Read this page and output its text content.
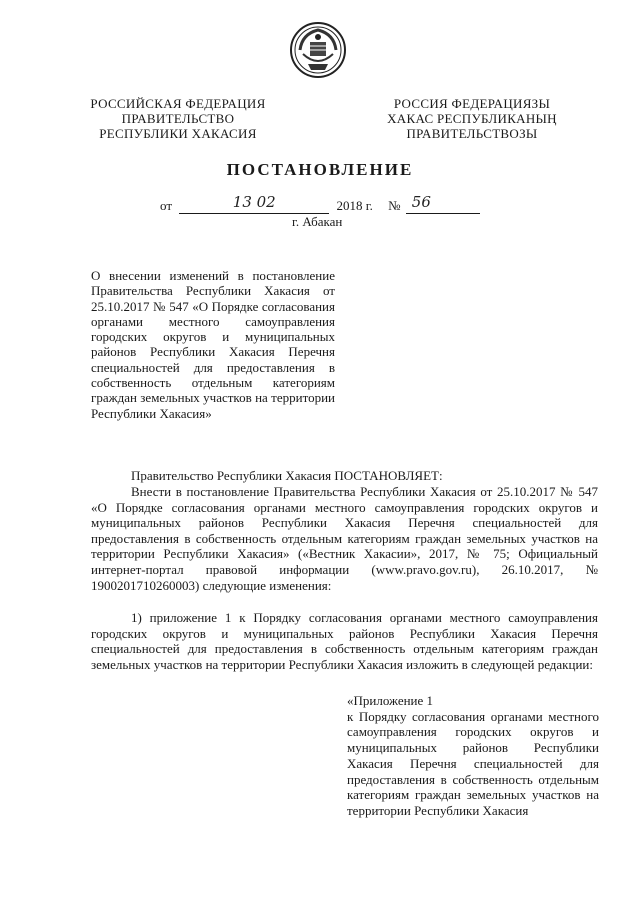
РОССИЙСКАЯ ФЕДЕРАЦИЯ
ПРАВИТЕЛЬСТВО
РЕСПУБЛИКИ ХАКАСИЯ
РОССИЯ ФЕДЕРАЦИЯЗЫ
ХАКАС РЕСПУБЛИКАНЫҢ
ПРАВИТЕЛЬСТВОЗЫ
ПОСТАНОВЛЕНИЕ
от	13 02	2018 г. № 56
г. Абакан
О внесении изменений в постановление Правительства Республики Хакасия от 25.10.2017 № 547 «О Порядке согласования органами местного самоуправления городских округов и муниципальных районов Республики Хакасия Перечня специальностей для предоставления в собственность отдельным категориям граждан земельных участков на территории Республики Хакасия»

Правительство Республики Хакасия ПОСТАНОВЛЯЕТ:

Внести в постановление Правительства Республики Хакасия от 25.10.2017 № 547 «О Порядке согласования органами местного самоуправления городских округов и муниципальных районов Республики Хакасия Перечня специальностей для предоставления в собственность отдельным категориям граждан земельных участков на территории Республики Хакасия» («Вестник Хакасии», 2017, № 75; Официальный интернет-портал правовой информации (www.pravo.gov.ru), 26.10.2017, № 1900201710260003) следующие изменения:

1) приложение 1 к Порядку согласования органами местного самоуправления городских округов и муниципальных районов Республики Хакасия Перечня специальностей для предоставления в собственность отдельным категориям граждан земельных участков на территории Республики Хакасия изложить в следующей редакции:

«Приложение 1
к Порядку согласования органами местного самоуправления городских округов и муниципальных районов Республики Хакасия Перечня специальностей для предоставления в собственность отдельным категориям граждан земельных участков на территории Республики Хакасия
